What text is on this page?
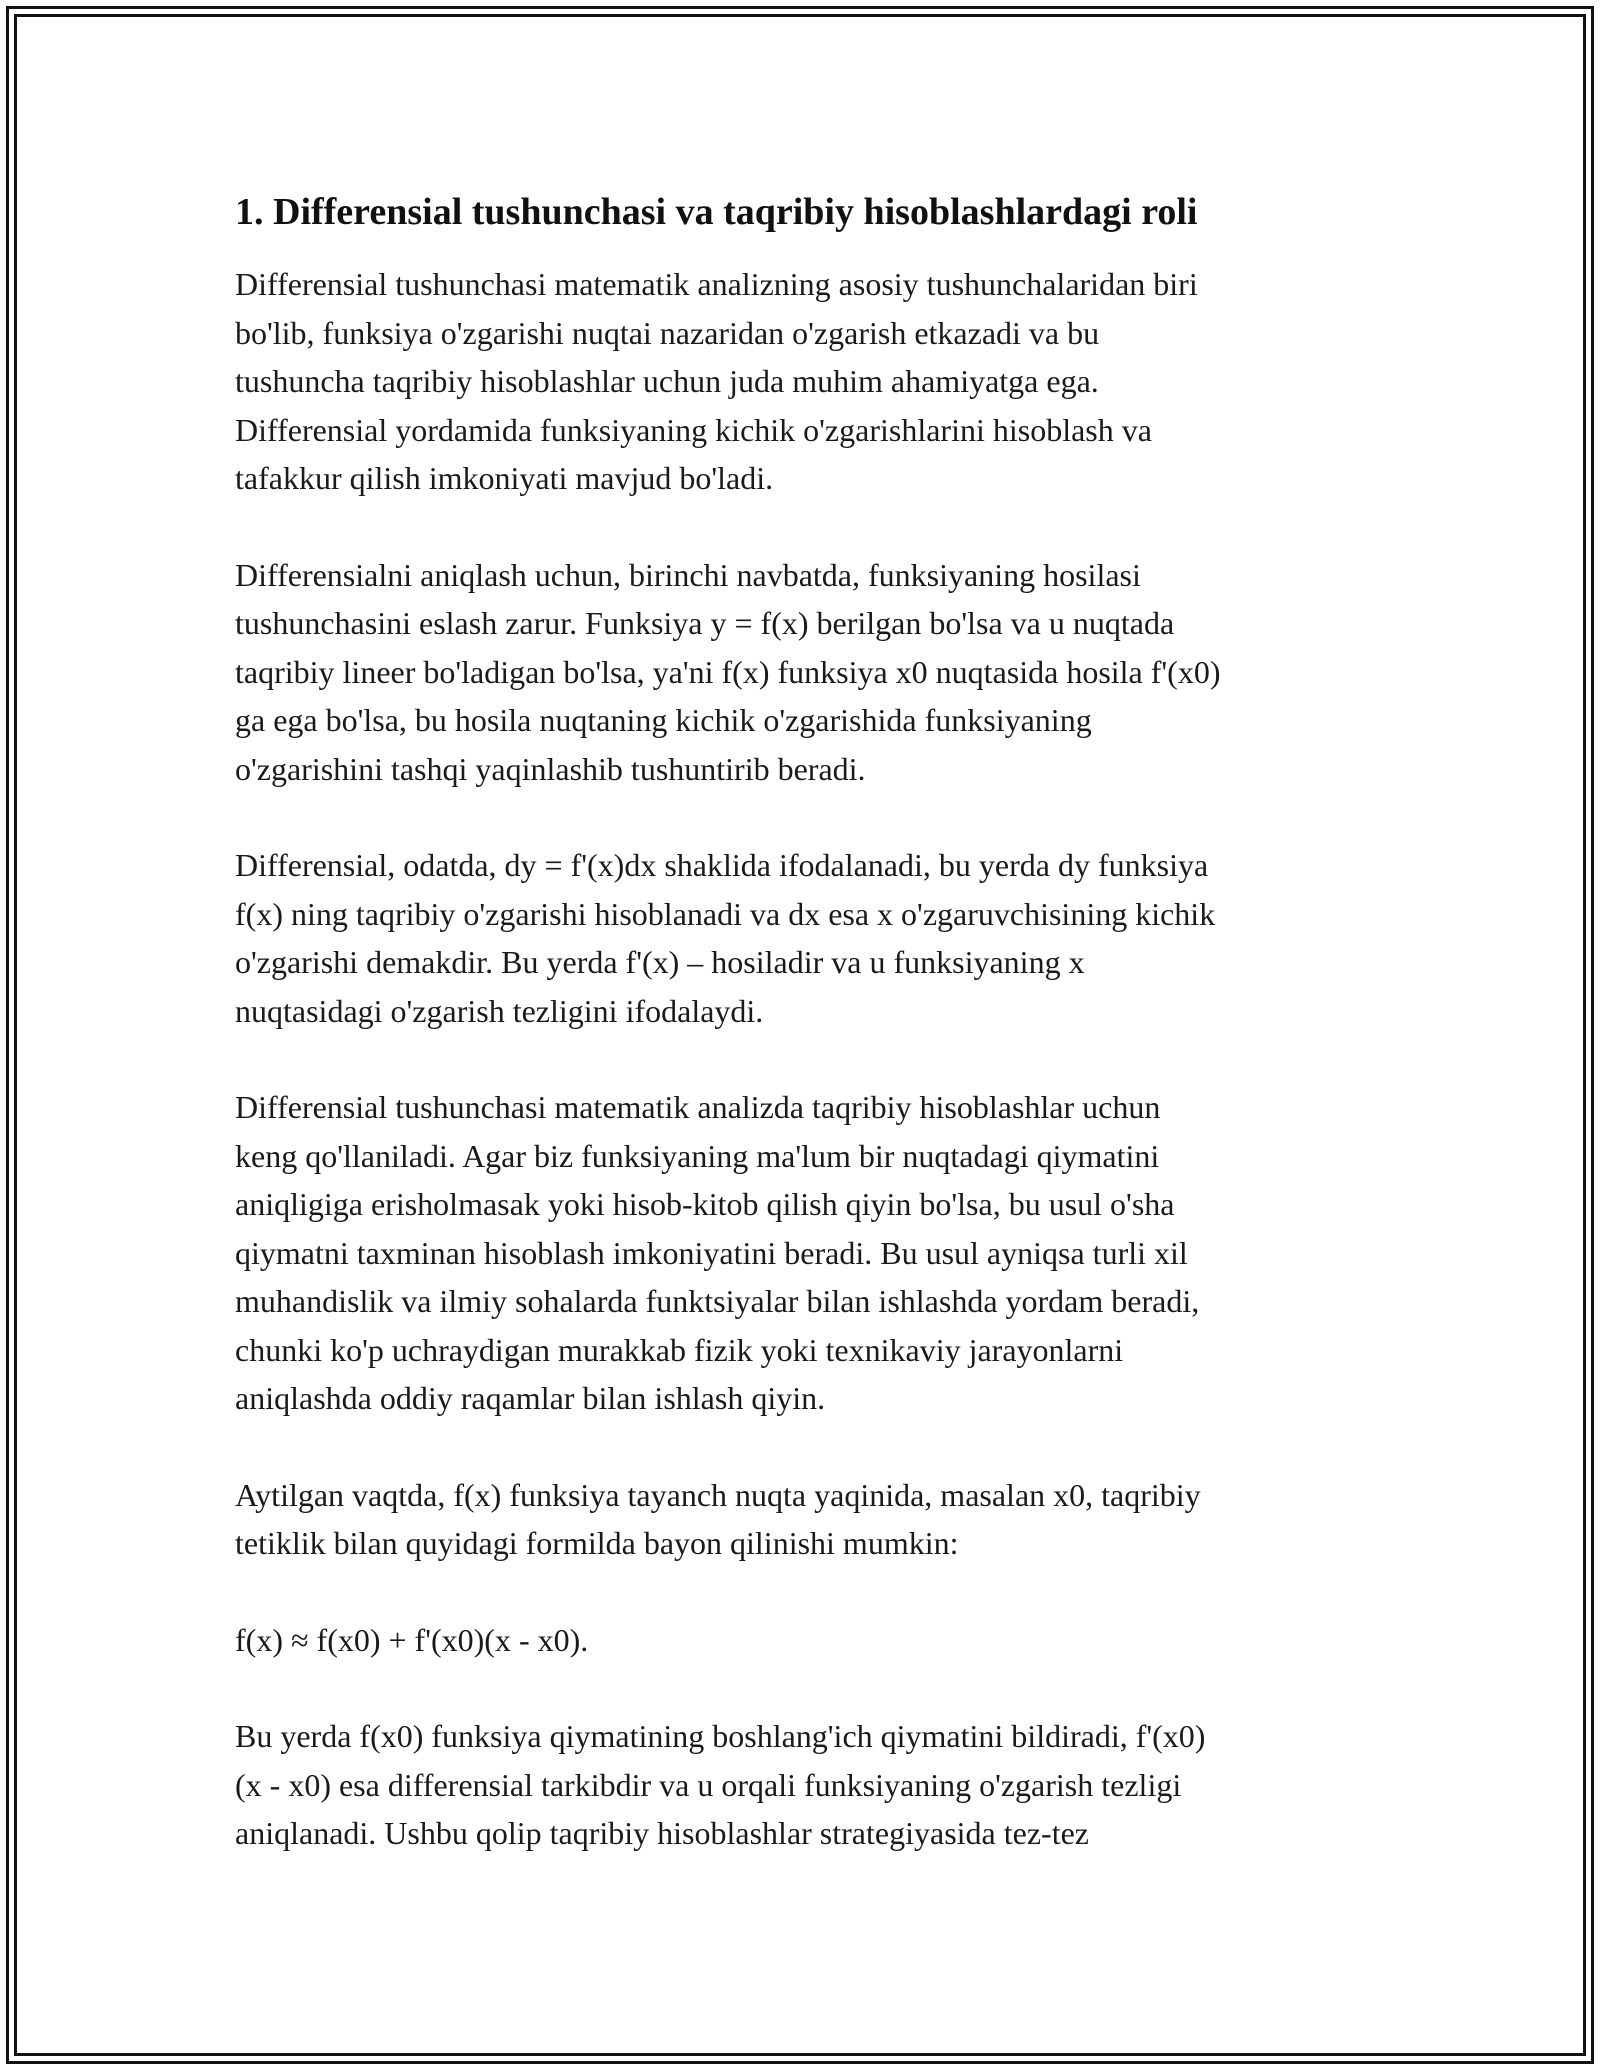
1. Differensial tushunchasi va taqribiy hisoblashlardagi roli

Differensial tushunchasi matematik analizning asosiy tushunchalaridan biri
bo'lib, funksiya o'zgarishi nuqtai nazaridan o'zgarish etkazadi va bu
tushuncha taqribiy hisoblashlar uchun juda muhim ahamiyatga ega.
Differensial yordamida funksiyaning kichik o'zgarishlarini hisoblash va
tafakkur qilish imkoniyati mavjud bo'ladi.

Differensialni aniqlash uchun, birinchi navbatda, funksiyaning hosilasi
tushunchasini eslash zarur. Funksiya y = f(x) berilgan bo'lsa va u nuqtada
taqribiy lineer bo'ladigan bo'lsa, ya'ni f(x) funksiya x0 nuqtasida hosila f'(x0)
ga ega bo'lsa, bu hosila nuqtaning kichik o'zgarishida funksiyaning
o'zgarishini tashqi yaqinlashib tushuntirib beradi.

Differensial, odatda, dy = f'(x)dx shaklida ifodalanadi, bu yerda dy funksiya
f(x) ning taqribiy o'zgarishi hisoblanadi va dx esa x o'zgaruvchisining kichik
o'zgarishi demakdir. Bu yerda f'(x) – hosiladir va u funksiyaning x
nuqtasidagi o'zgarish tezligini ifodalaydi.

Differensial tushunchasi matematik analizda taqribiy hisoblashlar uchun
keng qo'llaniladi. Agar biz funksiyaning ma'lum bir nuqtadagi qiymatini
aniqligiga erisholmasak yoki hisob-kitob qilish qiyin bo'lsa, bu usul o'sha
qiymatni taxminan hisoblash imkoniyatini beradi. Bu usul ayniqsa turli xil
muhandislik va ilmiy sohalarda funktsiyalar bilan ishlashda yordam beradi,
chunki ko'p uchraydigan murakkab fizik yoki texnikaviy jarayonlarni
aniqlashda oddiy raqamlar bilan ishlash qiyin.

Aytilgan vaqtda, f(x) funksiya tayanch nuqta yaqinida, masalan x0, taqribiy
tetiklik bilan quyidagi formilda bayon qilinishi mumkin:

f(x) ≈ f(x0) + f'(x0)(x - x0).

Bu yerda f(x0) funksiya qiymatining boshlang'ich qiymatini bildiradi, f'(x0)
(x - x0) esa differensial tarkibdir va u orqali funksiyaning o'zgarish tezligi
aniqlanadi. Ushbu qolip taqribiy hisoblashlar strategiyasida tez-tez
